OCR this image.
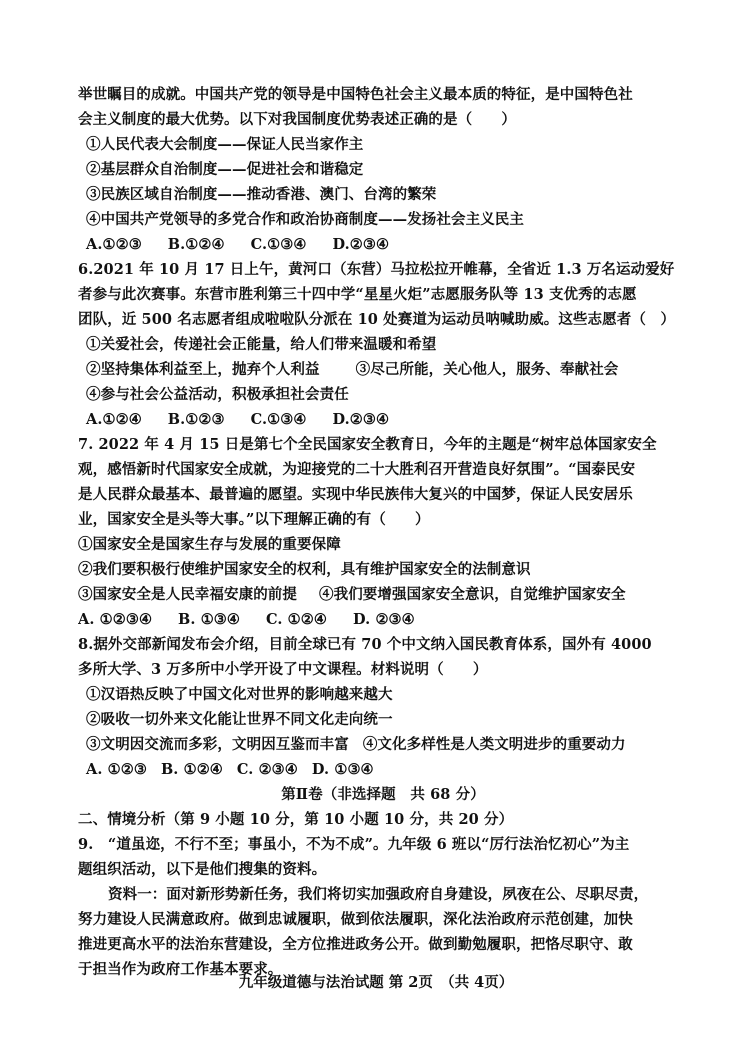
举世瞩目的成就。中国共产党的领导是中国特色社会主义最本质的特征，是中国特色社
会主义制度的最大优势。以下对我国制度优势表述正确的是（　　）
①人民代表大会制度——保证人民当家作主
②基层群众自治制度——促进社会和谐稳定
③民族区域自治制度——推动香港、澳门、台湾的繁荣
④中国共产党领导的多党合作和政治协商制度——发扬社会主义民主
A.①②③ B.①②④ C.①③④ D.②③④
6.2021 年 10 月 17 日上午，黄河口（东营）马拉松拉开帷幕，全省近 1.3 万名运动爱好
者参与此次赛事。东营市胜利第三十四中学“星星火炬”志愿服务队等 13 支优秀的志愿
团队，近 500 名志愿者组成啦啦队分派在 10 处赛道为运动员呐喊助威。这些志愿者（　）
①关爱社会，传递社会正能量，给人们带来温暖和希望
②坚持集体利益至上，抛弃个人利益 ③尽己所能，关心他人，服务、奉献社会
④参与社会公益活动，积极承担社会责任
A.①②④ B.①②③ C.①③④ D.②③④
7. 2022 年 4 月 15 日是第七个全民国家安全教育日，今年的主题是“树牢总体国家安全
观，感悟新时代国家安全成就，为迎接党的二十大胜利召开营造良好氛围”。“国泰民安
是人民群众最基本、最普遍的愿望。实现中华民族伟大复兴的中国梦，保证人民安居乐
业，国家安全是头等大事。”以下理解正确的有（　　）
①国家安全是国家生存与发展的重要保障
②我们要积极行使维护国家安全的权利，具有维护国家安全的法制意识
③国家安全是人民幸福安康的前提 ④我们要增强国家安全意识，自觉维护国家安全
A. ①②③④ B. ①③④ C. ①②④ D. ②③④
8.据外交部新闻发布会介绍，目前全球已有 70 个中文纳入国民教育体系，国外有 4000
多所大学、3 万多所中小学开设了中文课程。材料说明（　　）
①汉语热反映了中国文化对世界的影响越来越大
②吸收一切外来文化能让世界不同文化走向统一
③文明因交流而多彩，文明因互鉴而丰富 ④文化多样性是人类文明进步的重要动力
A. ①②③ B. ①②④ C. ②③④ D. ①③④
第Ⅱ卷（非选择题　共 68 分）
二、情境分析（第 9 小题 10 分，第 10 小题 10 分，共 20 分）
9.　“道虽迩，不行不至；事虽小，不为不成”。九年级 6 班以“厉行法治忆初心”为主
题组织活动，以下是他们搜集的资料。
资料一：面对新形势新任务，我们将切实加强政府自身建设，夙夜在公、尽职尽责，
努力建设人民满意政府。做到忠诚履职，做到依法履职，深化法治政府示范创建，加快
推进更高水平的法治东营建设，全方位推进政务公开。做到勤勉履职，把恪尽职守、敢
于担当作为政府工作基本要求。
九年级道德与法治试题 第 2页　（共 4页）
